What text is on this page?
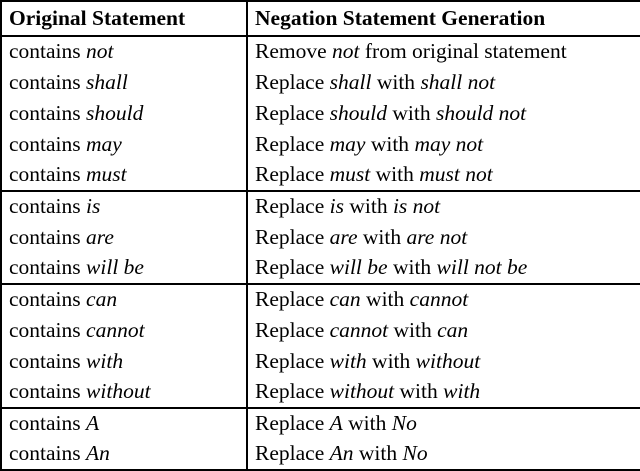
Original Statement	Negation Statement Generation

contains not	Remove not from original statement

contains shall	Replace shall with shall not

contains should	Replace should with should not

contains may	Replace may with may not

contains must	Replace must with must not

contains is	Replace is with is not

contains are	Replace are with are not

contains will be	Replace will be with will not be

contains can	Replace can with cannot

contains cannot	Replace cannot with can

contains with	Replace with with without

contains without	Replace without with with

contains A	Replace A with No

contains An	Replace An with No
